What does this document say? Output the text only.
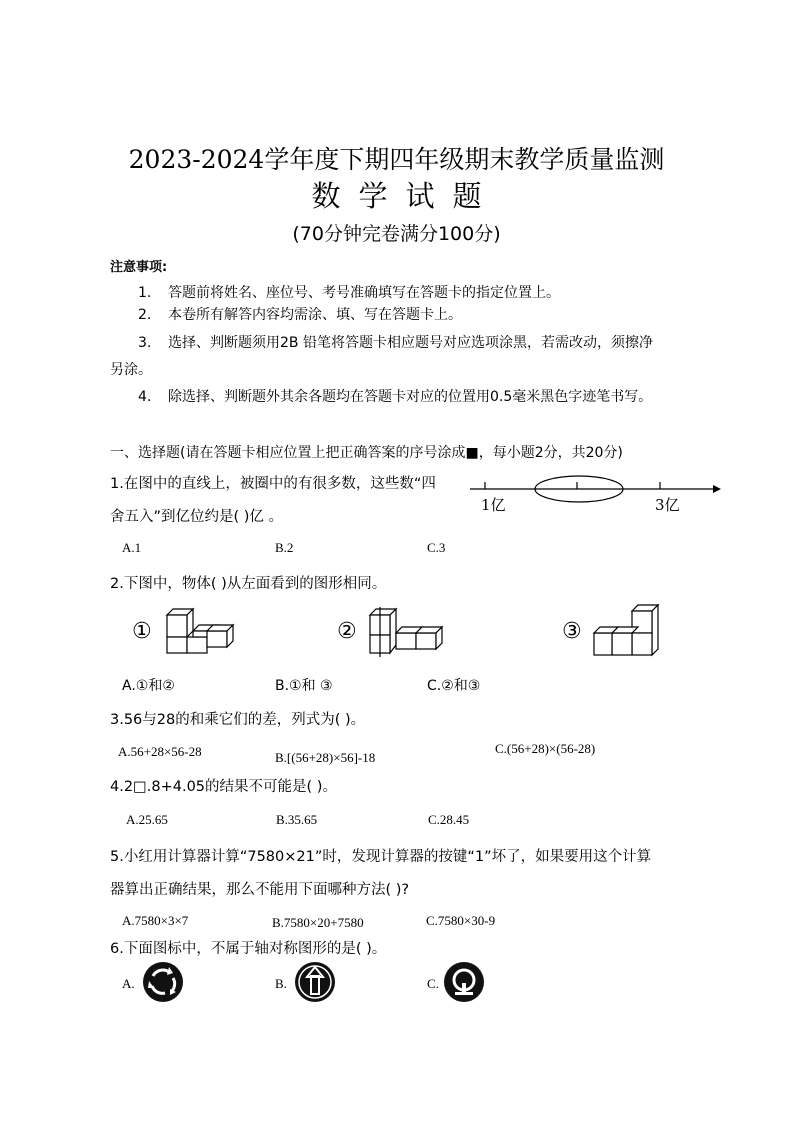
2023-2024学年度下期四年级期末教学质量监测
数学试题
(70分钟完卷满分100分)
注意事项:
1. 答题前将姓名、座位号、考号准确填写在答题卡的指定位置上。
2. 本卷所有解答内容均需涂、填、写在答题卡上。
3. 选择、判断题须用2B 铅笔将答题卡相应题号对应选项涂黑，若需改动，须擦净
另涂。
4. 除选择、判断题外其余各题均在答题卡对应的位置用0.5毫米黑色字迹笔书写。
一、选择题(请在答题卡相应位置上把正确答案的序号涂成■，每小题2分，共20分)
1.在图中的直线上，被圈中的有很多数，这些数“四
舍五入”到亿位约是( )亿 。
1亿	3亿
A.1	B.2	C.3
2.下图中，物体( )从左面看到的图形相同。
①	②	③
A.①和②	B.①和 ③	C.②和③
3.56与28的和乘它们的差，列式为( )。
A.56+28×56-28	B.[(56+28)×56]-18
C.(56+28)×(56-28)
4.2□.8+4.05的结果不可能是( )。
A.25.65	B.35.65	C.28.45
5.小红用计算器计算“7580×21”时，发现计算器的按键“1”坏了，如果要用这个计算
器算出正确结果，那么不能用下面哪种方法( )?
A.7580×3×7	B.7580×20+7580	C.7580×30-9
6.下面图标中，不属于轴对称图形的是( )。
A.	B.	C.
